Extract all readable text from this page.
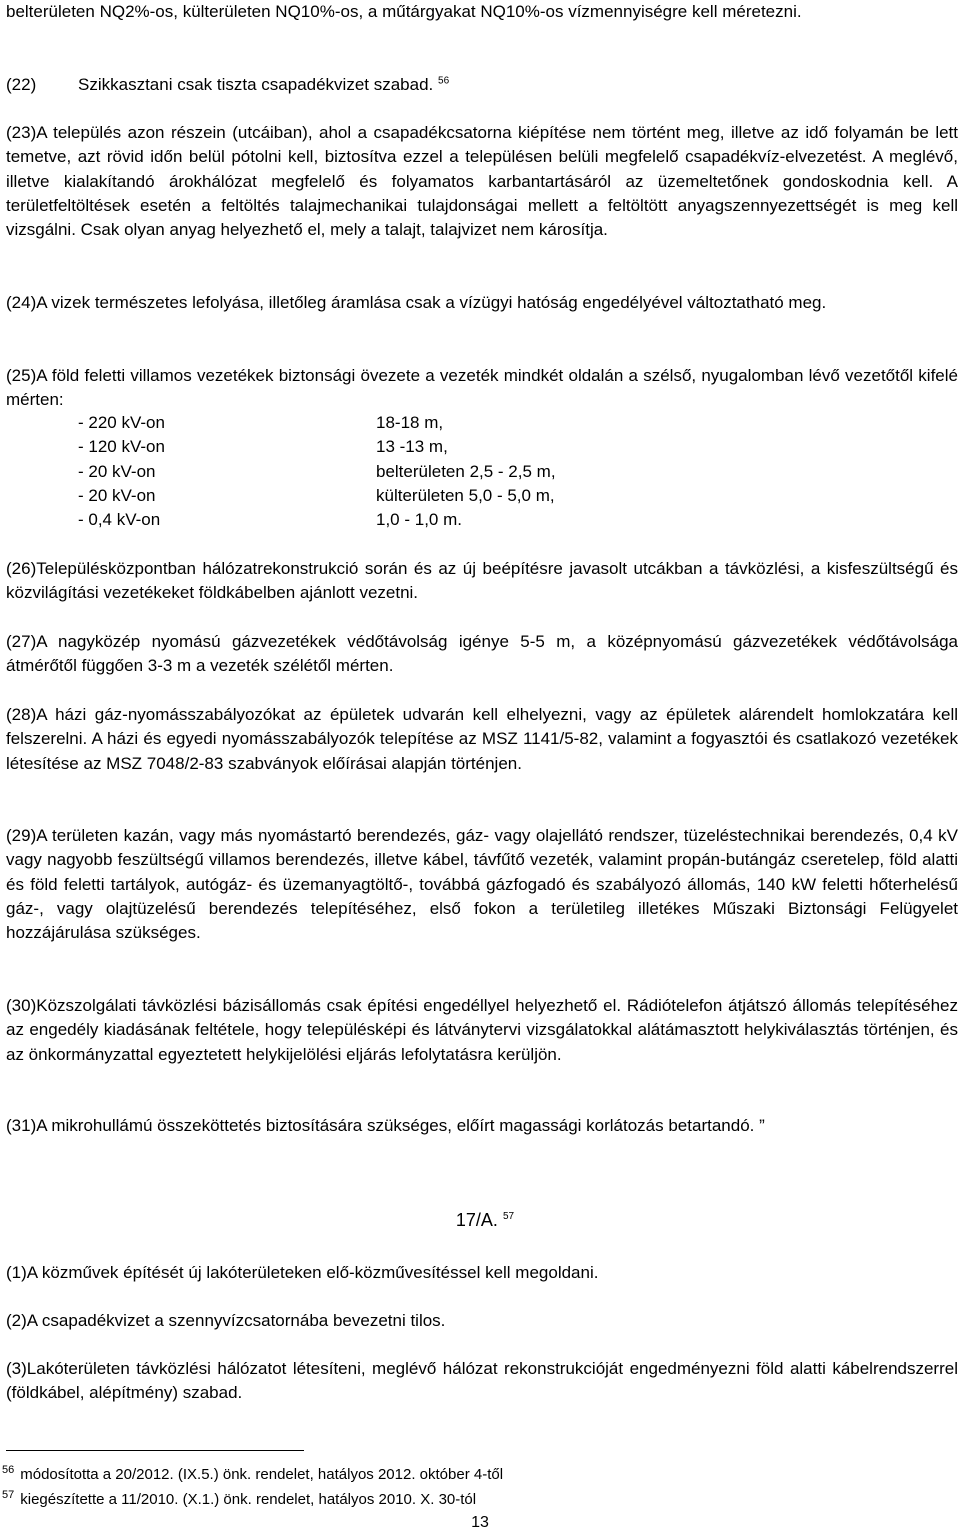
belterületen NQ2%-os, külterületen NQ10%-os, a műtárgyakat NQ10%-os vízmennyiségre kell méretezni.

(22) Szikkasztani csak tiszta csapadékvizet szabad. $^{56}$

(23)A település azon részein (utcáiban), ahol a csapadékcsatorna kiépítése nem történt meg, illetve az idő folyamán be lett temetve, azt rövid időn belül pótolni kell, biztosítva ezzel a településen belüli megfelelő csapadékvíz-elvezetést. A meglévő, illetve kialakítandó árokhálózat megfelelő és folyamatos karbantartásáról az üzemeltetőnek gondoskodnia kell. A területfeltöltések esetén a feltöltés talajmechanikai tulajdonságai mellett a feltöltött anyagszennyezettségét is meg kell vizsgálni. Csak olyan anyag helyezhető el, mely a talajt, talajvizet nem károsítja.

(24)A vizek természetes lefolyása, illetőleg áramlása csak a vízügyi hatóság engedélyével változtatható meg.

(25)A föld feletti villamos vezetékek biztonsági övezete a vezeték mindkét oldalán a szélső, nyugalomban lévő vezetőtől kifelé mérten:

- 220 kV-on	18-18 m,
- 120 kV-on	13 -13 m,
- 20 kV-on	belterületen 2,5 - 2,5 m,
- 20 kV-on	külterületen 5,0 - 5,0 m,
- 0,4 kV-on	1,0 - 1,0 m.

(26)Településközpontban hálózatrekonstrukció során és az új beépítésre javasolt utcákban a távközlési, a kisfeszültségű és közvilágítási vezetékeket földkábelben ajánlott vezetni.

(27)A nagyközép nyomású gázvezetékek védőtávolság igénye 5-5 m, a középnyomású gázvezetékek védőtávolsága átmérőtől függően 3-3 m a vezeték szélétől mérten.

(28)A házi gáz-nyomásszabályozókat az épületek udvarán kell elhelyezni, vagy az épületek alárendelt homlokzatára kell felszerelni. A házi és egyedi nyomásszabályozók telepítése az MSZ 1141/5-82, valamint a fogyasztói és csatlakozó vezetékek létesítése az MSZ 7048/2-83 szabványok előírásai alapján történjen.

(29)A területen kazán, vagy más nyomástartó berendezés, gáz- vagy olajellátó rendszer, tüzeléstechnikai berendezés, 0,4 kV vagy nagyobb feszültségű villamos berendezés, illetve kábel, távfűtő vezeték, valamint propán-butángáz cseretelep, föld alatti és föld feletti tartályok, autógáz- és üzemanyagtöltő-, továbbá gázfogadó és szabályozó állomás, 140 kW feletti hőterhelésű gáz-, vagy olajtüzelésű berendezés telepítéséhez, első fokon a területileg illetékes Műszaki Biztonsági Felügyelet hozzájárulása szükséges.

(30)Közszolgálati távközlési bázisállomás csak építési engedéllyel helyezhető el. Rádiótelefon átjátszó állomás telepítéséhez az engedély kiadásának feltétele, hogy településképi és látványtervi vizsgálatokkal alátámasztott helykiválasztás történjen, és az önkormányzattal egyeztetett helykijelölési eljárás lefolytatásra kerüljön.

(31)A mikrohullámú összeköttetés biztosítására szükséges, előírt magassági korlátozás betartandó. ”

17/A. $^{57}$

(1)A közművek építését új lakóterületeken elő-közművesítéssel kell megoldani.

(2)A csapadékvizet a szennyvízcsatornába bevezetni tilos.

(3)Lakóterületen távközlési hálózatot létesíteni, meglévő hálózat rekonstrukcióját engedményezni föld alatti kábelrendszerrel (földkábel, alépítmény) szabad.

$^{56}$ módosította a 20/2012. (IX.5.) önk. rendelet, hatályos 2012. október 4-től
$^{57}$ kiegészítette a 11/2010. (X.1.) önk. rendelet, hatályos 2010. X. 30-tól
13
